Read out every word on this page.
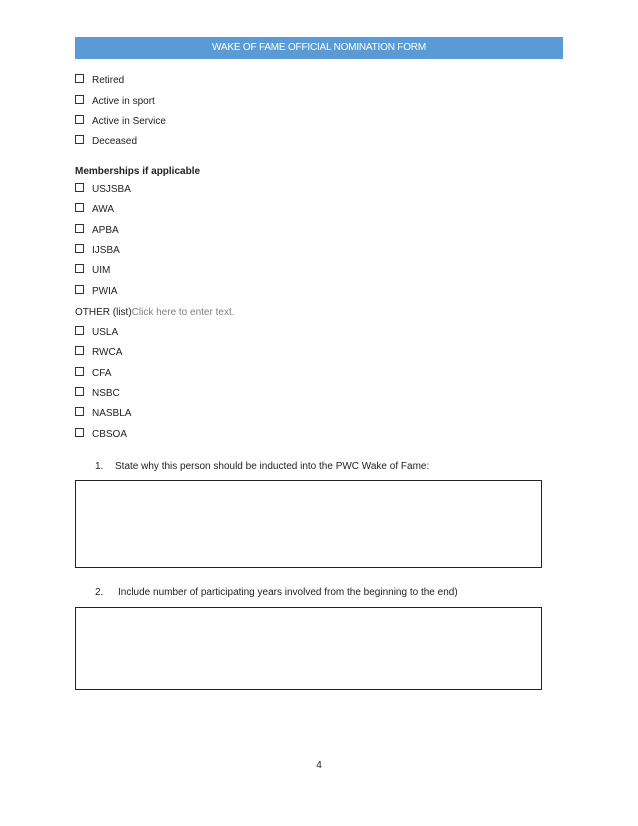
WAKE OF FAME OFFICIAL NOMINATION FORM
Retired
Active in sport
Active in Service
Deceased
Memberships if applicable
USJSBA
AWA
APBA
IJSBA
UIM
PWIA
OTHER (list)Click here to enter text.
USLA
RWCA
CFA
NSBC
NASBLA
CBSOA
1. State why this person should be inducted into the PWC Wake of Fame:
2. Include number of participating years involved from the beginning to the end)
4
